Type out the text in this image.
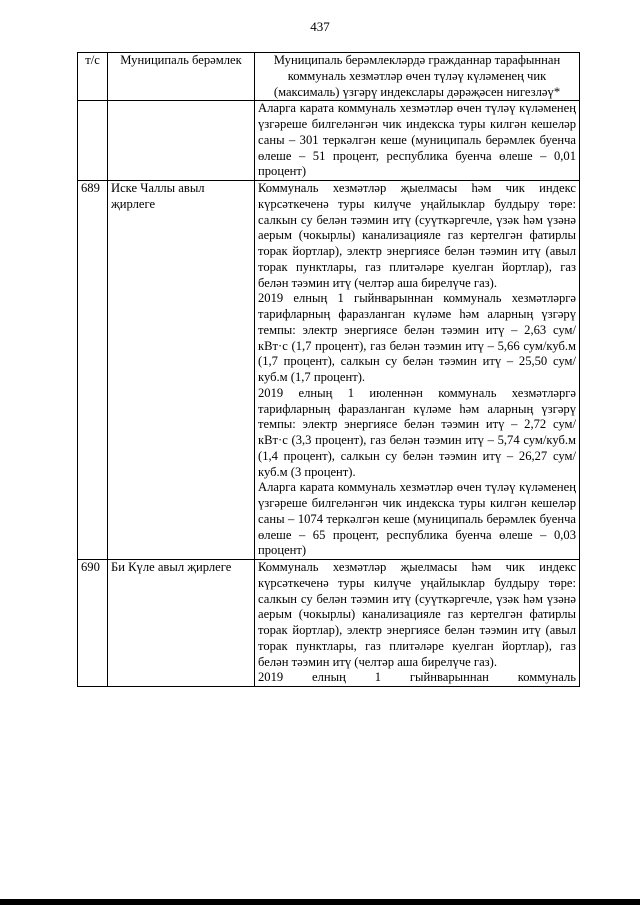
437
т/с	Муниципаль берәмлек	Муниципаль берәмлекләрдә гражданнар тарафыннан коммуналь хезмәтләр өчен түләү күләменең чик (максималь) үзгәрү индекслары дәрәҗәсен нигезләү*

		Аларга карата коммуналь хезмәтләр өчен түләү күләменең үзгәреше билгеләнгән чик индекска туры килгән кешеләр саны – 301 теркәлгән кеше (муниципаль берәмлек буенча өлеше – 51 процент, республика буенча өлеше – 0,01 процент)

689	Иске Чаллы авыл җирлеге	Коммуналь хезмәтләр җыелмасы һәм чик индекс күрсәткеченә туры килүче уңайлыклар булдыру төре: салкын су белән тәэмин итү (суүткәргечле, үзәк һәм үзәнә аерым (чокырлы) канализацияле газ кертелгән фатирлы торак йортлар), электр энергиясе белән тәэмин итү (авыл торак пунктлары, газ плитәләре куелган йортлар), газ белән тәэмин итү (челтәр аша бирелүче газ).

2019 елның 1 гыйнварыннан коммуналь хезмәтләргә тарифларның фаразланган күләме һәм аларның үзгәрү темпы: электр энергиясе белән тәэмин итү – 2,63 сум/кВт·с (1,7 процент), газ белән тәэмин итү – 5,66 сум/куб.м (1,7 процент), салкын су белән тәэмин итү – 25,50 сум/куб.м (1,7 процент).

2019 елның 1 июленнән коммуналь хезмәтләргә тарифларның фаразланган күләме һәм аларның үзгәрү темпы: электр энергиясе белән тәэмин итү – 2,72 сум/кВт·с (3,3 процент), газ белән тәэмин итү – 5,74 сум/куб.м (1,4 процент), салкын су белән тәэмин итү – 26,27 сум/куб.м (3 процент).

Аларга карата коммуналь хезмәтләр өчен түләү күләменең үзгәреше билгеләнгән чик индекска туры килгән кешеләр саны – 1074 теркәлгән кеше (муниципаль берәмлек буенча өлеше – 65 процент, республика буенча өлеше – 0,03 процент)

690	Би Күле авыл җирлеге	Коммуналь хезмәтләр җыелмасы һәм чик индекс күрсәткеченә туры килүче уңайлыклар булдыру төре: салкын су белән тәэмин итү (суүткәргечле, үзәк һәм үзәнә аерым (чокырлы) канализацияле газ кертелгән фатирлы торак йортлар), электр энергиясе белән тәэмин итү (авыл торак пунктлары, газ плитәләре куелган йортлар), газ белән тәэмин итү (челтәр аша бирелүче газ).

2019 елның 1 гыйнварыннан коммуналь
